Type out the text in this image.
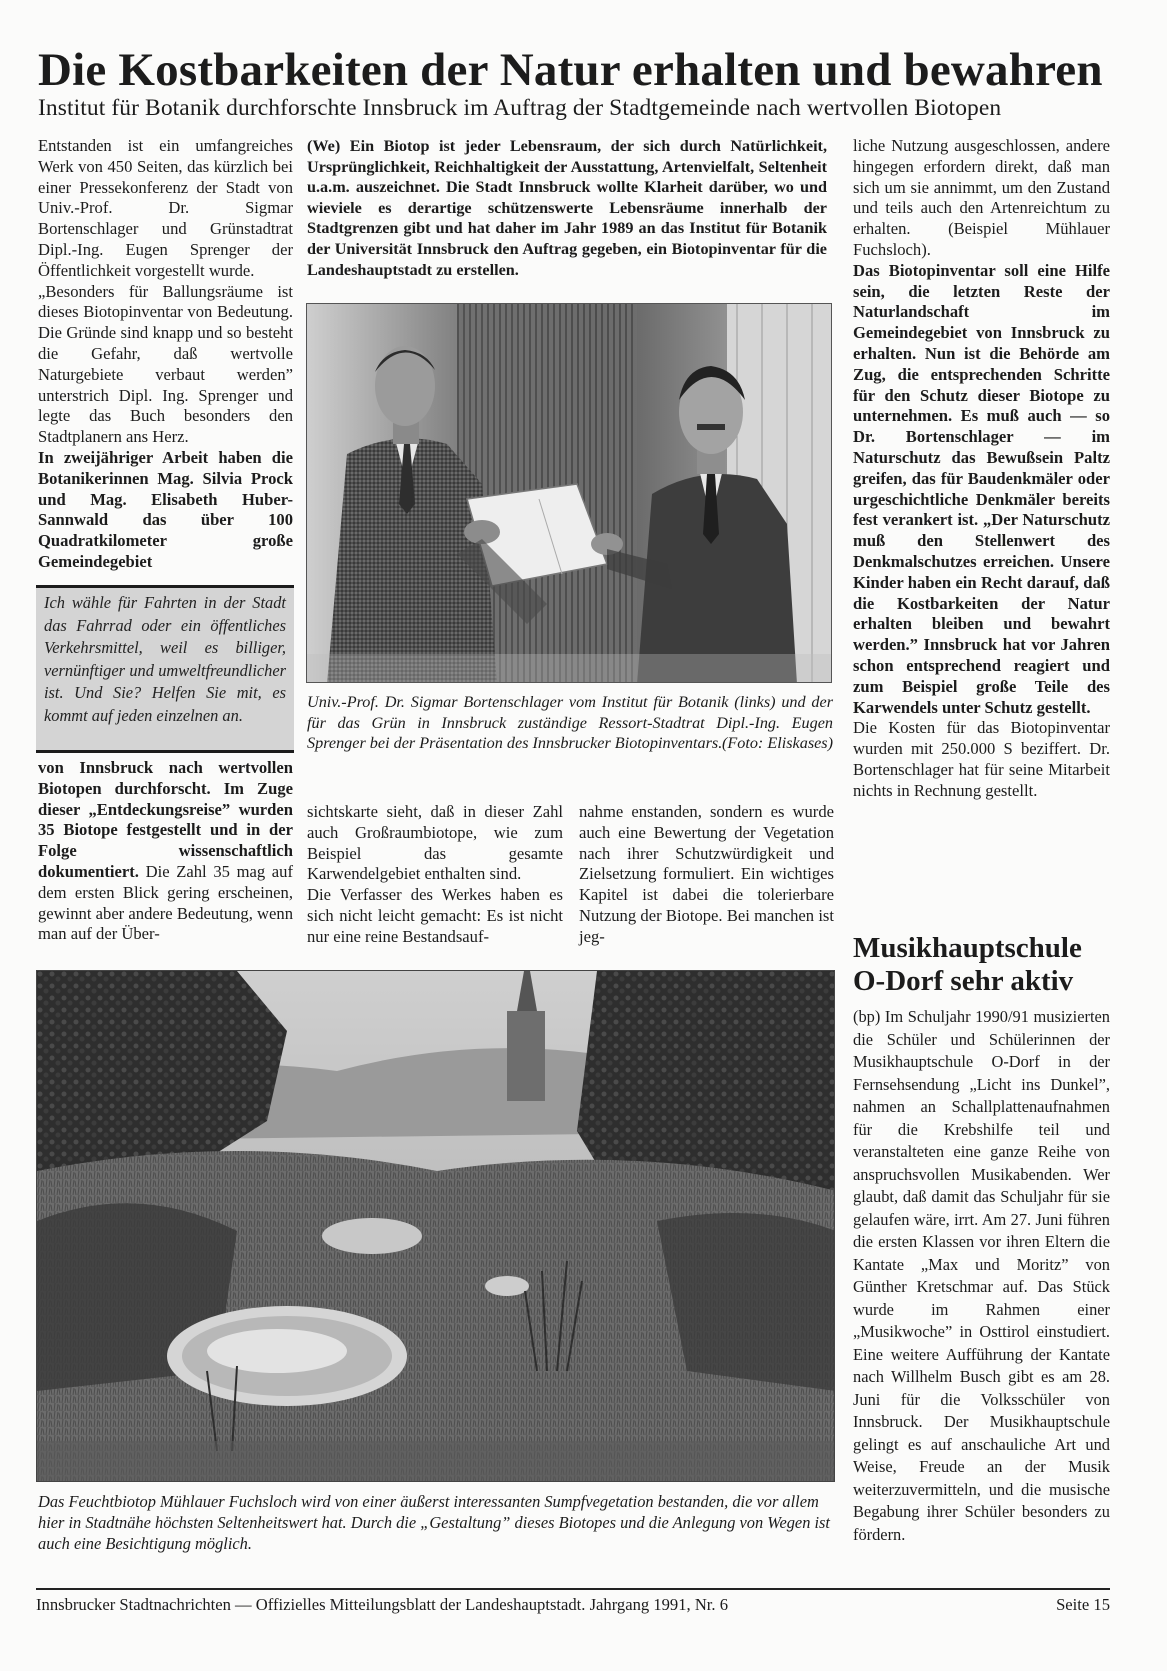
Die Kostbarkeiten der Natur erhalten und bewahren
Institut für Botanik durchforschte Innsbruck im Auftrag der Stadtgemeinde nach wertvollen Biotopen

Entstanden ist ein umfangreiches Werk von 450 Seiten, das kürzlich bei einer Pressekonferenz der Stadt von Univ.-Prof. Dr. Sigmar Bortenschlager und Grünstadtrat Dipl.-Ing. Eugen Sprenger der Öffentlichkeit vorgestellt wurde.

„Besonders für Ballungsräume ist dieses Biotopinventar von Bedeutung. Die Gründe sind knapp und so besteht die Gefahr, daß wertvolle Naturgebiete verbaut werden” unterstrich Dipl. Ing. Sprenger und legte das Buch besonders den Stadtplanern ans Herz.

In zweijähriger Arbeit haben die Botanikerinnen Mag. Silvia Prock und Mag. Elisabeth Huber-Sannwald das über 100 Quadratkilometer große Gemeindegebiet

Ich wähle für Fahrten in der Stadt das Fahrrad oder ein öffentliches Verkehrsmittel, weil es billiger, vernünftiger und umweltfreundlicher ist. Und Sie? Helfen Sie mit, es kommt auf jeden einzelnen an.

von Innsbruck nach wertvollen Biotopen durchforscht. Im Zuge dieser „Entdeckungsreise” wurden 35 Biotope festgestellt und in der Folge wissenschaftlich dokumentiert. Die Zahl 35 mag auf dem ersten Blick gering erscheinen, gewinnt aber andere Bedeutung, wenn man auf der Über-

(We) Ein Biotop ist jeder Lebensraum, der sich durch Natürlichkeit, Ursprünglichkeit, Reichhaltigkeit der Ausstattung, Artenvielfalt, Seltenheit u.a.m. auszeichnet. Die Stadt Innsbruck wollte Klarheit darüber, wo und wieviele es derartige schützenswerte Lebensräume innerhalb der Stadtgrenzen gibt und hat daher im Jahr 1989 an das Institut für Botanik der Universität Innsbruck den Auftrag gegeben, ein Biotopinventar für die Landeshauptstadt zu erstellen.
Univ.-Prof. Dr. Sigmar Bortenschlager vom Institut für Botanik (links) und der für das Grün in Innsbruck zuständige Ressort-Stadtrat Dipl.-Ing. Eugen Sprenger bei der Präsentation des Innsbrucker Biotopinventars. (Foto: Eliskases)
sichtskarte sieht, daß in dieser Zahl auch Großraumbiotope, wie zum Beispiel das gesamte Karwendelgebiet enthalten sind.
Die Verfasser des Werkes haben es sich nicht leicht gemacht: Es ist nicht nur eine reine Bestandsauf-
nahme enstanden, sondern es wurde auch eine Bewertung der Vegetation nach ihrer Schutzwürdigkeit und Zielsetzung formuliert. Ein wichtiges Kapitel ist dabei die tolerierbare Nutzung der Biotope. Bei manchen ist jeg-

liche Nutzung ausgeschlossen, andere hingegen erfordern direkt, daß man sich um sie annimmt, um den Zustand und teils auch den Artenreichtum zu erhalten. (Beispiel Mühlauer Fuchsloch).

Das Biotopinventar soll eine Hilfe sein, die letzten Reste der Naturlandschaft im Gemeindegebiet von Innsbruck zu erhalten. Nun ist die Behörde am Zug, die entsprechenden Schritte für den Schutz dieser Biotope zu unternehmen. Es muß auch — so Dr. Bortenschlager — im Naturschutz das Bewußsein Paltz greifen, das für Baudenkmäler oder urgeschichtliche Denkmäler bereits fest verankert ist. „Der Naturschutz muß den Stellenwert des Denkmalschutzes erreichen. Unsere Kinder haben ein Recht darauf, daß die Kostbarkeiten der Natur erhalten bleiben und bewahrt werden.” Innsbruck hat vor Jahren schon entsprechend reagiert und zum Beispiel große Teile des Karwendels unter Schutz gestellt.

Die Kosten für das Biotopinventar wurden mit 250.000 S beziffert. Dr. Bortenschlager hat für seine Mitarbeit nichts in Rechnung gestellt.

Musikhauptschule O-Dorf sehr aktiv
(bp) Im Schuljahr 1990/91 musizierten die Schüler und Schülerinnen der Musikhauptschule O-Dorf in der Fernsehsendung „Licht ins Dunkel”, nahmen an Schallplattenaufnahmen für die Krebshilfe teil und veranstalteten eine ganze Reihe von anspruchsvollen Musikabenden. Wer glaubt, daß damit das Schuljahr für sie gelaufen wäre, irrt. Am 27. Juni führen die ersten Klassen vor ihren Eltern die Kantate „Max und Moritz” von Günther Kretschmar auf. Das Stück wurde im Rahmen einer „Musikwoche” in Osttirol einstudiert. Eine weitere Aufführung der Kantate nach Willhelm Busch gibt es am 28. Juni für die Volksschüler von Innsbruck. Der Musikhauptschule gelingt es auf anschauliche Art und Weise, Freude an der Musik weiterzuvermitteln, und die musische Begabung ihrer Schüler besonders zu fördern.
Das Feuchtbiotop Mühlauer Fuchsloch wird von einer äußerst interessanten Sumpfvegetation bestanden, die vor allem hier in Stadtnähe höchsten Seltenheitswert hat. Durch die „Gestaltung” dieses Biotopes und die Anlegung von Wegen ist auch eine Besichtigung möglich.
Innsbrucker Stadtnachrichten — Offizielles Mitteilungsblatt der Landeshauptstadt. Jahrgang 1991, Nr. 6	Seite 15
